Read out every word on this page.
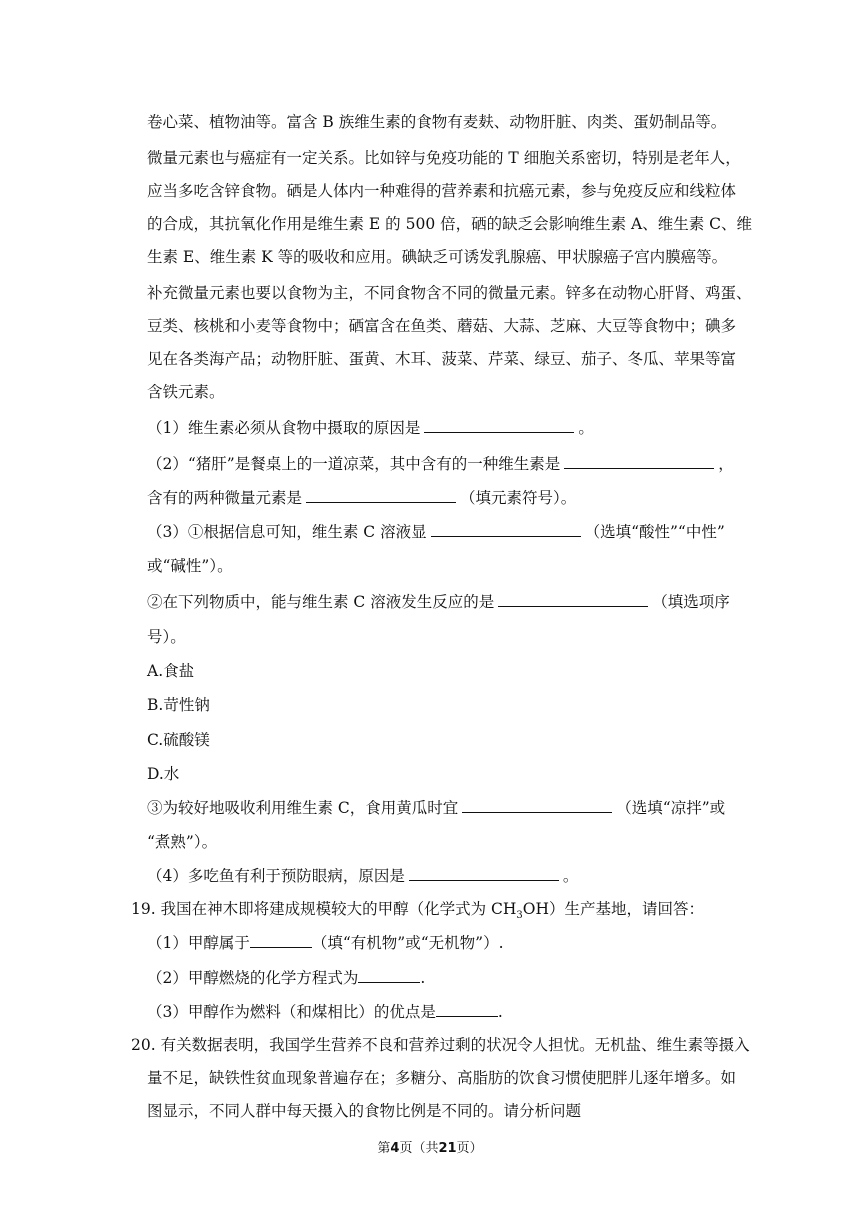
卷心菜、植物油等。富含 B 族维生素的食物有麦麸、动物肝脏、肉类、蛋奶制品等。
微量元素也与癌症有一定关系。比如锌与免疫功能的 T 细胞关系密切，特别是老年人，
应当多吃含锌食物。硒是人体内一种难得的营养素和抗癌元素，参与免疫反应和线粒体
的合成，其抗氧化作用是维生素 E 的 500 倍，硒的缺乏会影响维生素 A、维生素 C、维
生素 E、维生素 K 等的吸收和应用。碘缺乏可诱发乳腺癌、甲状腺癌子宫内膜癌等。
补充微量元素也要以食物为主，不同食物含不同的微量元素。锌多在动物心肝肾、鸡蛋、
豆类、核桃和小麦等食物中；硒富含在鱼类、蘑菇、大蒜、芝麻、大豆等食物中；碘多
见在各类海产品；动物肝脏、蛋黄、木耳、菠菜、芹菜、绿豆、茄子、冬瓜、苹果等富
含铁元素。
（1）维生素必须从食物中摄取的原因是	。
（2）“猪肝”是餐桌上的一道凉菜，其中含有的一种维生素是	，
含有的两种微量元素是	（填元素符号）。
（3）①根据信息可知，维生素 C 溶液显	（选填“酸性”“中性”
或“碱性”）。
②在下列物质中，能与维生素 C 溶液发生反应的是	（填选项序
号）。
A.食盐
B.苛性钠
C.硫酸镁
D.水
③为较好地吸收利用维生素 C，食用黄瓜时宜	（选填“凉拌”或
“煮熟”）。
（4）多吃鱼有利于预防眼病，原因是	。
19. 我国在神木即将建成规模较大的甲醇（化学式为 $CH_3OH$）生产基地，请回答：
（1）甲醇属于	（填“有机物”或“无机物”）.
（2）甲醇燃烧的化学方程式为	.
（3）甲醇作为燃料（和煤相比）的优点是	.
20. 有关数据表明，我国学生营养不良和营养过剩的状况令人担忧。无机盐、维生素等摄入
量不足，缺铁性贫血现象普遍存在；多糖分、高脂肪的饮食习惯使肥胖儿逐年增多。如
图显示，不同人群中每天摄入的食物比例是不同的。请分析问题
第4页（共21页）
